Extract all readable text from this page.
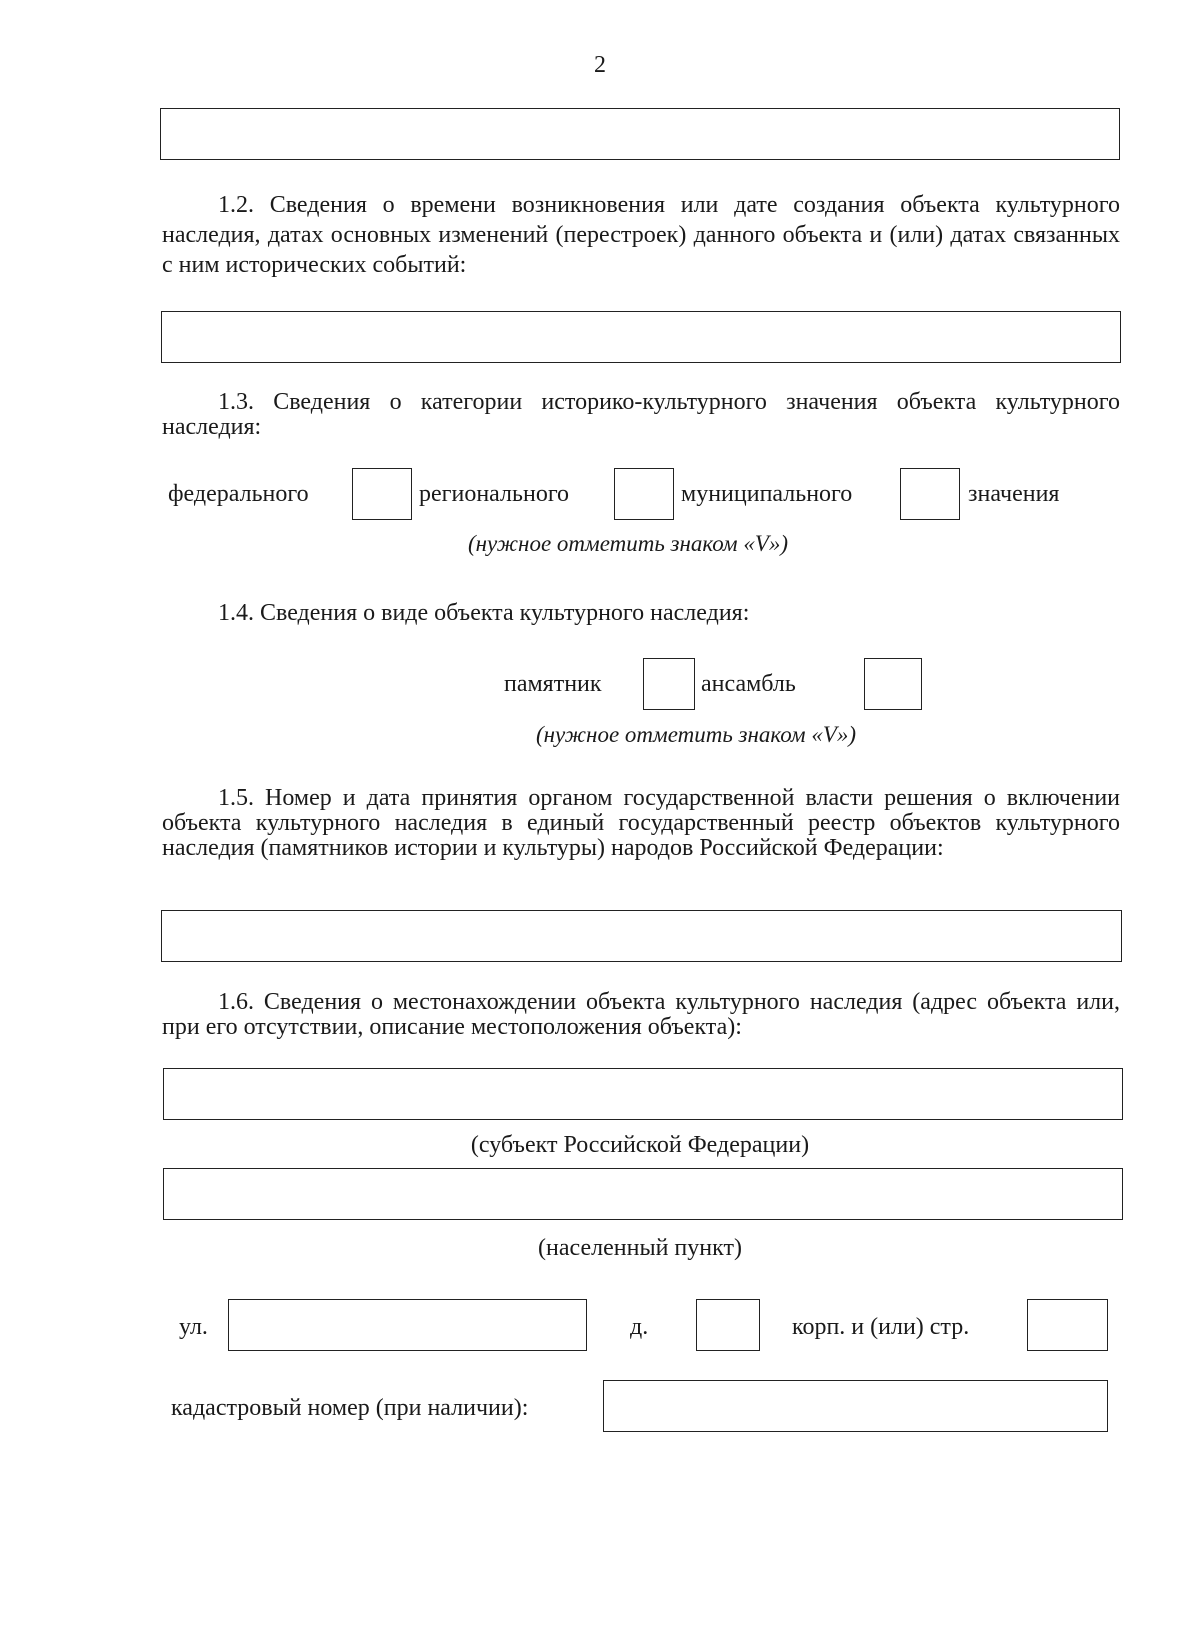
2
1.2. Сведения о времени возникновения или дате создания объекта культурного наследия, датах основных изменений (перестроек) данного объекта и (или) датах связанных с ним исторических событий:
1.3. Сведения о категории историко-культурного значения объекта культурного наследия:
федерального	регионального	муниципального	значения
(нужное отметить знаком «V»)
1.4. Сведения о виде объекта культурного наследия:
памятник	ансамбль
(нужное отметить знаком «V»)
1.5. Номер и дата принятия органом государственной власти решения о включении объекта культурного наследия в единый государственный реестр объектов культурного наследия (памятников истории и культуры) народов Российской Федерации:
1.6. Сведения о местонахождении объекта культурного наследия (адрес объекта или, при его отсутствии, описание местоположения объекта):
(субъект Российской Федерации)
(населенный пункт)
ул.	д.	корп. и (или) стр.
кадастровый номер (при наличии):
